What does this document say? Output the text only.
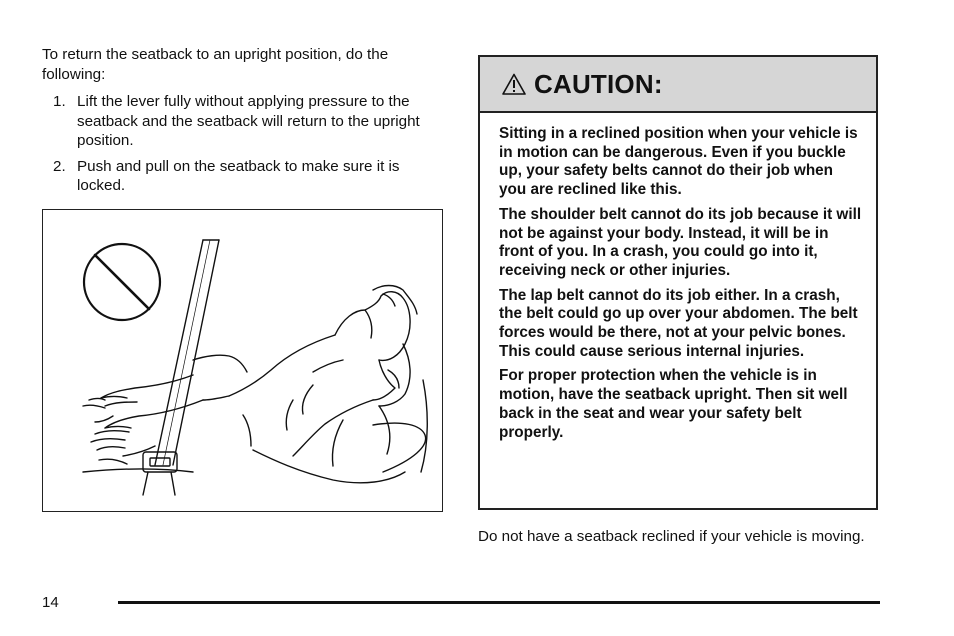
To return the seatback to an upright position, do the following:

1. Lift the lever fully without applying pressure to the seatback and the seatback will return to the upright position.
2. Push and pull on the seatback to make sure it is locked.
CAUTION:

Sitting in a reclined position when your vehicle is in motion can be dangerous. Even if you buckle up, your safety belts cannot do their job when you are reclined like this.

The shoulder belt cannot do its job because it will not be against your body. Instead, it will be in front of you. In a crash, you could go into it, receiving neck or other injuries.

The lap belt cannot do its job either. In a crash, the belt could go up over your abdomen. The belt forces would be there, not at your pelvic bones. This could cause serious internal injuries.

For proper protection when the vehicle is in motion, have the seatback upright. Then sit well back in the seat and wear your safety belt properly.

Do not have a seatback reclined if your vehicle is moving.

14
